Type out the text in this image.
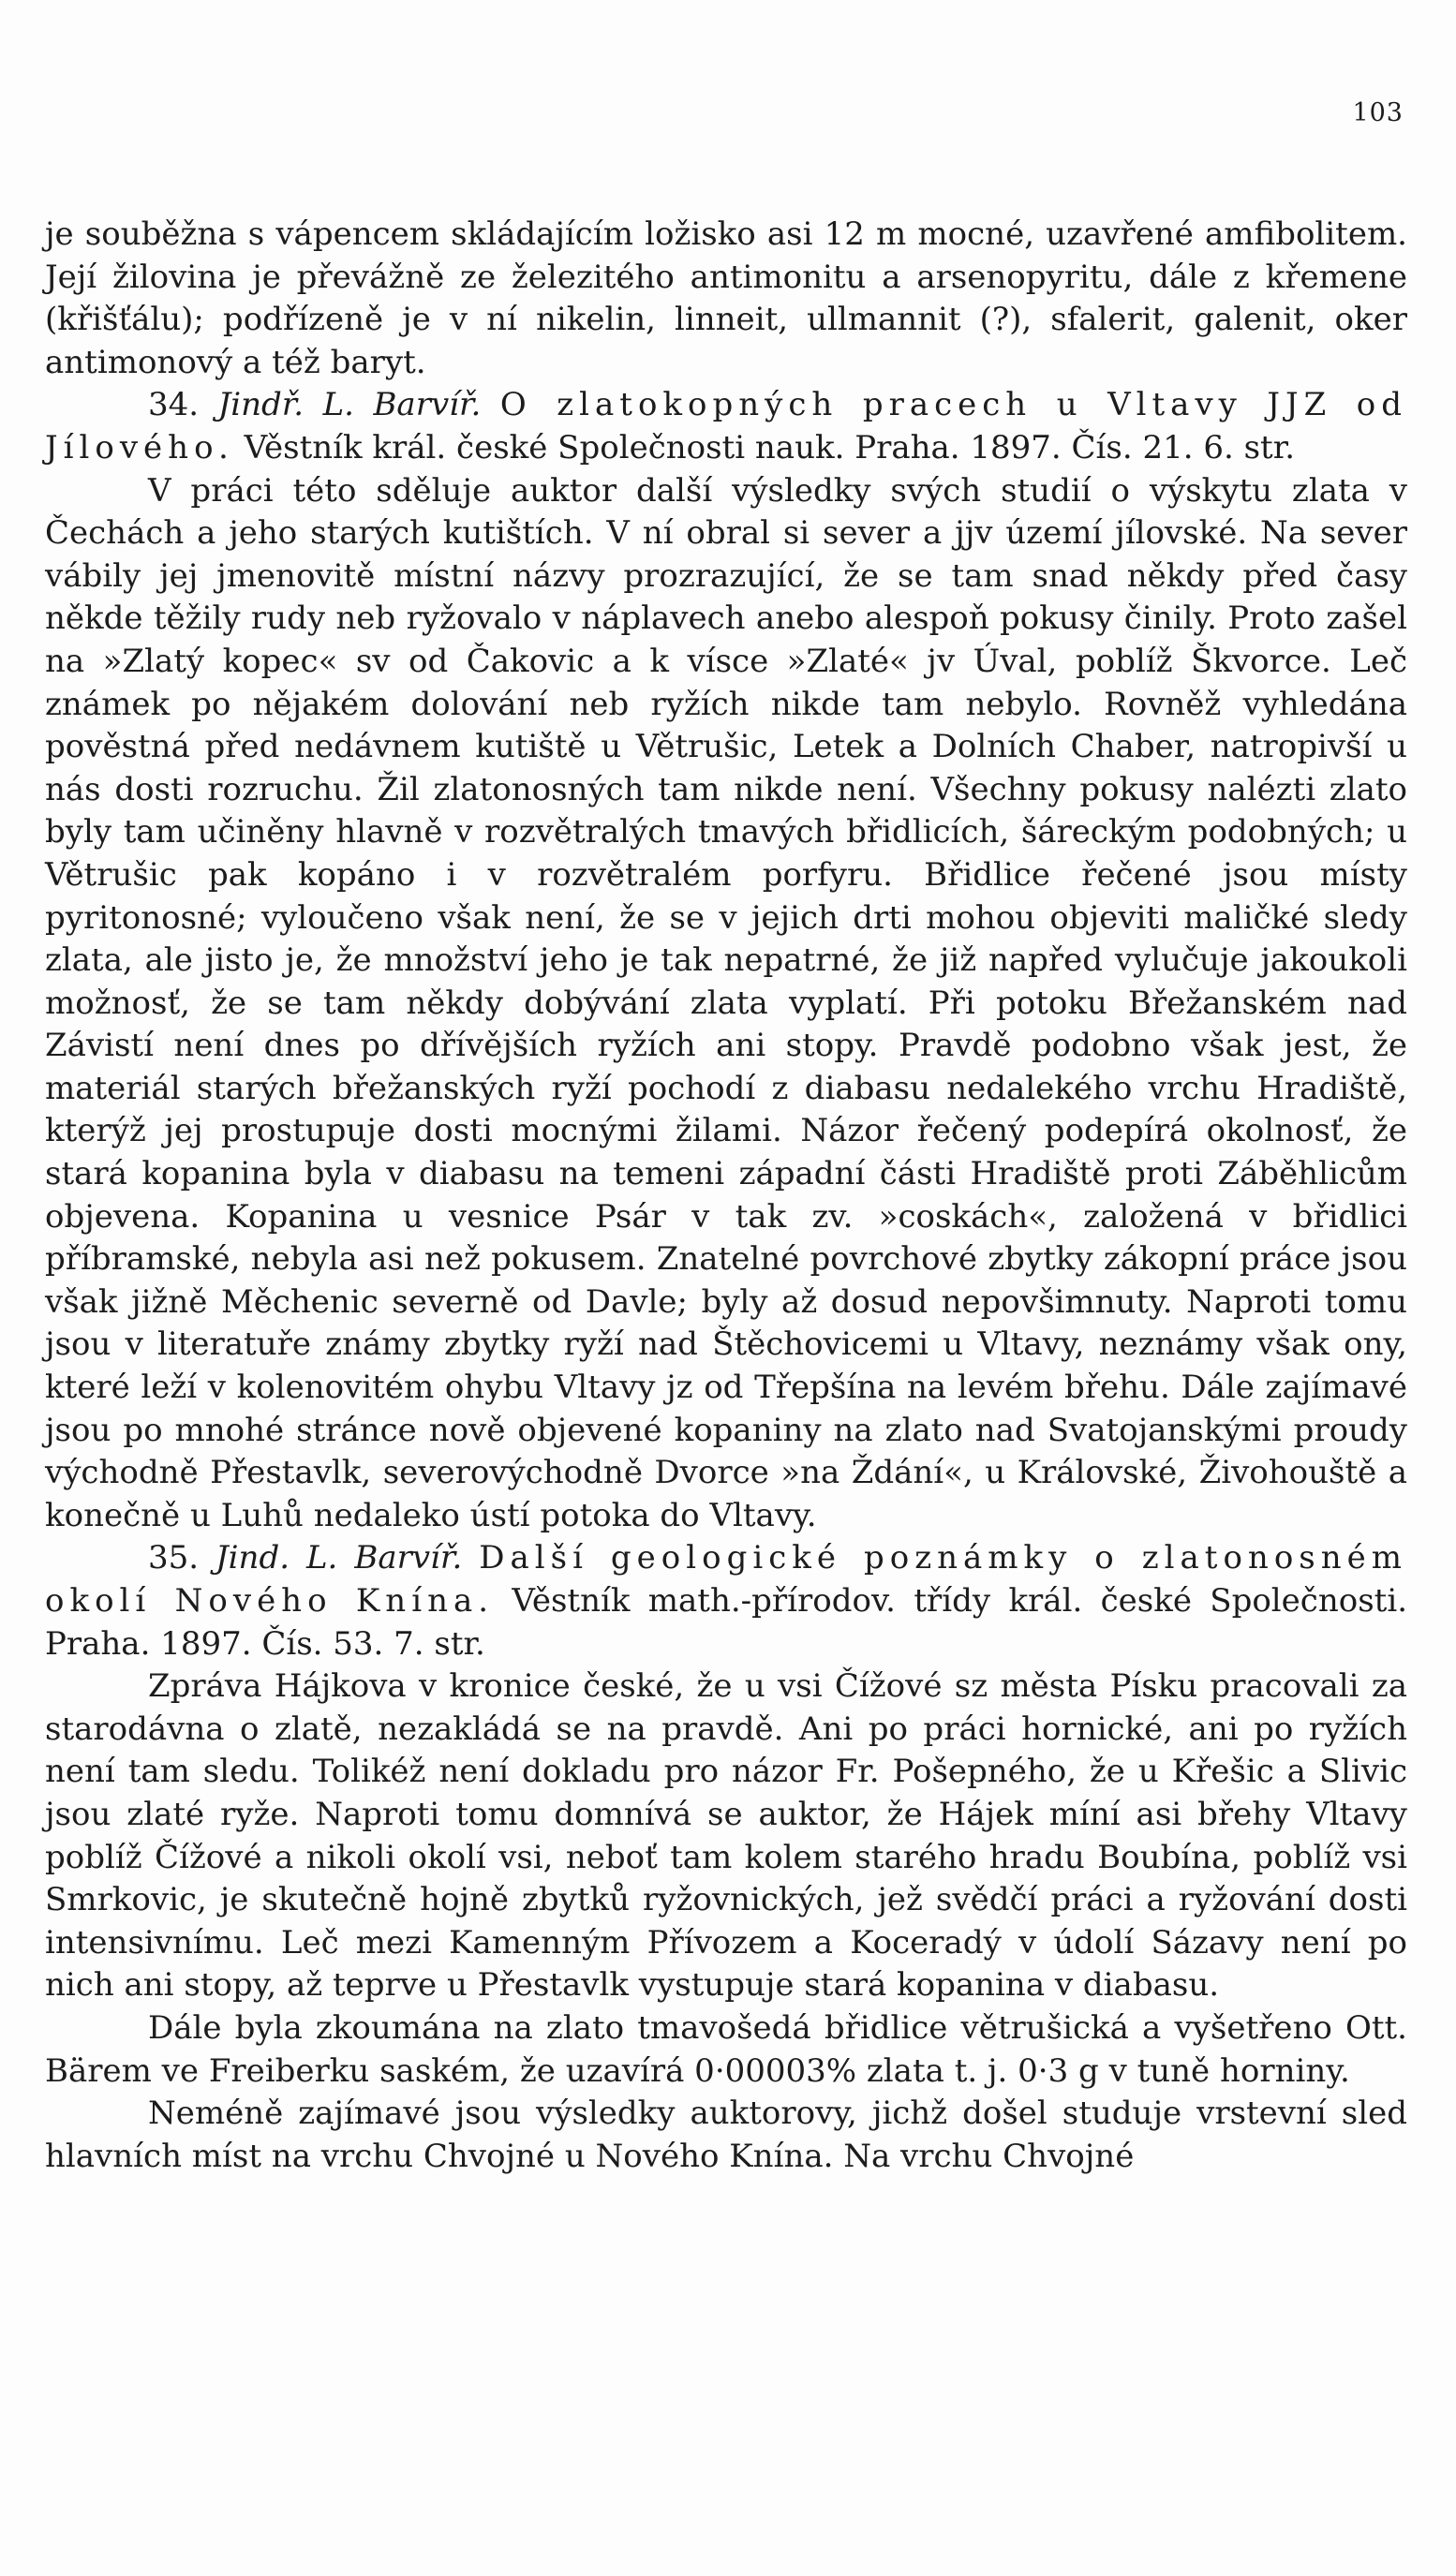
103

je souběžna s vápencem skládajícím ložisko asi 12 m mocné, uzavřené amfibolitem. Její žilovina je převážně ze železitého antimonitu a arsenopyritu, dále z křemene (křišťálu); podřízeně je v ní nikelin, linneit, ullmannit (?), sfalerit, galenit, oker antimonový a též baryt.

34. Jindř. L. Barvíř. O zlatokopných pracech u Vltavy JJZ od Jílového. Věstník král. české Společnosti nauk. Praha. 1897. Čís. 21. 6. str.

V práci této sděluje auktor další výsledky svých studií o výskytu zlata v Čechách a jeho starých kutištích. V ní obral si sever a jjv území jílovské. Na sever vábily jej jmenovitě místní názvy prozrazující, že se tam snad někdy před časy někde těžily rudy neb ryžovalo v náplavech anebo alespoň pokusy činily. Proto zašel na »Zlatý kopec« sv od Čakovic a k vísce »Zlaté« jv Úval, poblíž Škvorce. Leč známek po nějakém dolování neb ryžích nikde tam nebylo. Rovněž vyhledána pověstná před nedávnem kutiště u Větrušic, Letek a Dolních Chaber, natropivší u nás dosti rozruchu. Žil zlatonosných tam nikde není. Všechny pokusy nalézti zlato byly tam učiněny hlavně v rozvětralých tmavých břidlicích, šáreckým podobných; u Větrušic pak kopáno i v rozvětralém porfyru. Břidlice řečené jsou místy pyritonosné; vyloučeno však není, že se v jejich drti mohou objeviti maličké sledy zlata, ale jisto je, že množství jeho je tak nepatrné, že již napřed vylučuje jakoukoli možnosť, že se tam někdy dobývání zlata vyplatí. Při potoku Břežanském nad Závistí není dnes po dřívějších ryžích ani stopy. Pravdě podobno však jest, že materiál starých břežanských ryží pochodí z diabasu nedalekého vrchu Hradiště, kterýž jej prostupuje dosti mocnými žilami. Názor řečený podepírá okolnosť, že stará kopanina byla v diabasu na temeni západní části Hradiště proti Záběhlicům objevena. Kopanina u vesnice Psár v tak zv. »coskách«, založená v břidlici příbramské, nebyla asi než pokusem. Znatelné povrchové zbytky zákopní práce jsou však jižně Měchenic severně od Davle; byly až dosud nepovšimnuty. Naproti tomu jsou v literatuře známy zbytky ryží nad Štěchovicemi u Vltavy, neznámy však ony, které leží v kolenovitém ohybu Vltavy jz od Třepšína na levém břehu. Dále zajímavé jsou po mnohé stránce nově objevené kopaniny na zlato nad Svatojanskými proudy východně Přestavlk, severovýchodně Dvorce »na Ždání«, u Královské, Živohouště a konečně u Luhů nedaleko ústí potoka do Vltavy.

35. Jind. L. Barvíř. Další geologické poznámky o zlatonosném okolí Nového Knína. Věstník math.-přírodov. třídy král. české Společnosti. Praha. 1897. Čís. 53. 7. str.

Zpráva Hájkova v kronice české, že u vsi Čížové sz města Písku pracovali za starodávna o zlatě, nezakládá se na pravdě. Ani po práci hornické, ani po ryžích není tam sledu. Tolikéž není dokladu pro názor Fr. Pošepného, že u Křešic a Slivic jsou zlaté ryže. Naproti tomu domnívá se auktor, že Hájek míní asi břehy Vltavy poblíž Čížové a nikoli okolí vsi, neboť tam kolem starého hradu Boubína, poblíž vsi Smrkovic, je skutečně hojně zbytků ryžovnických, jež svědčí práci a ryžování dosti intensivnímu. Leč mezi Kamenným Přívozem a Koceradý v údolí Sázavy není po nich ani stopy, až teprve u Přestavlk vystupuje stará kopanina v diabasu.

Dále byla zkoumána na zlato tmavošedá břidlice větrušická a vyšetřeno Ott. Bärem ve Freiberku saském, že uzavírá 0·00003% zlata t. j. 0·3 g v tuně horniny.

Neméně zajímavé jsou výsledky auktorovy, jichž došel studuje vrstevní sled hlavních míst na vrchu Chvojné u Nového Knína. Na vrchu Chvojné
